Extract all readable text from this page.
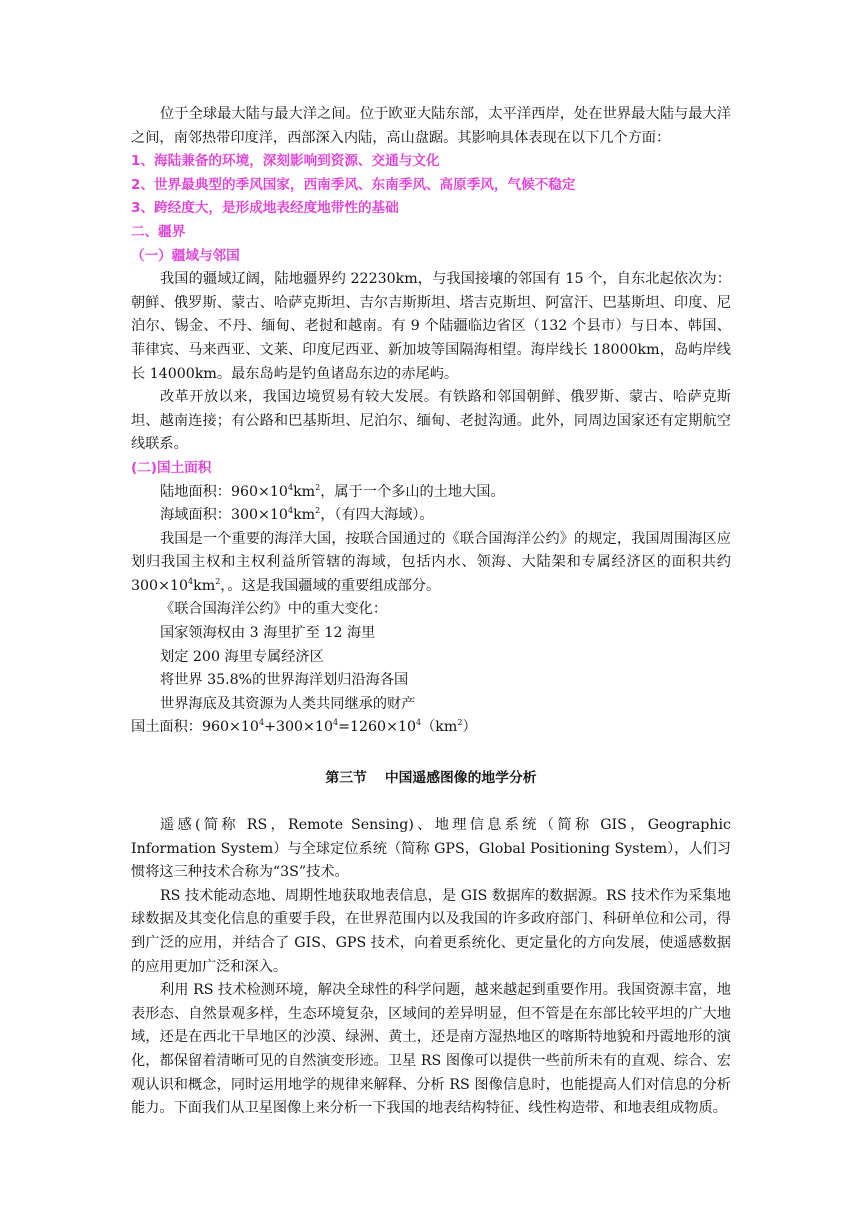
位于全球最大陆与最大洋之间。位于欧亚大陆东部，太平洋西岸，处在世界最大陆与最大洋之间，南邻热带印度洋，西部深入内陆，高山盘踞。其影响具体表现在以下几个方面：

1、海陆兼备的环境，深刻影响到资源、交通与文化

2、世界最典型的季风国家，西南季风、东南季风、高原季风，气候不稳定

3、跨经度大，是形成地表经度地带性的基础

二、疆界

（一）疆域与邻国

我国的疆域辽阔，陆地疆界约 22230km，与我国接壤的邻国有 15 个，自东北起依次为：朝鲜、俄罗斯、蒙古、哈萨克斯坦、吉尔吉斯斯坦、塔吉克斯坦、阿富汗、巴基斯坦、印度、尼泊尔、锡金、不丹、缅甸、老挝和越南。有 9 个陆疆临边省区（132 个县市）与日本、韩国、菲律宾、马来西亚、文莱、印度尼西亚、新加坡等国隔海相望。海岸线长 18000km，岛屿岸线长 14000km。最东岛屿是钓鱼诸岛东边的赤尾屿。

改革开放以来，我国边境贸易有较大发展。有铁路和邻国朝鲜、俄罗斯、蒙古、哈萨克斯坦、越南连接；有公路和巴基斯坦、尼泊尔、缅甸、老挝沟通。此外，同周边国家还有定期航空线联系。

(二)国土面积

陆地面积：$960\times 10^4km^2$，属于一个多山的土地大国。

海域面积：$300\times 10^4km^2$，（有四大海域）。

我国是一个重要的海洋大国，按联合国通过的《联合国海洋公约》的规定，我国周围海区应划归我国主权和主权利益所管辖的海域，包括内水、领海、大陆架和专属经济区的面积共约 $300\times 10^4km^2$，。这是我国疆域的重要组成部分。

《联合国海洋公约》中的重大变化：

国家领海权由 3 海里扩至 12 海里

划定 200 海里专属经济区

将世界 35.8%的世界海洋划归沿海各国

世界海底及其资源为人类共同继承的财产

国土面积：$960\times 10^4+300\times 10^4=1260\times 10^4(km^2)$

第三节 中国遥感图像的地学分析

遥感(简称 RS，Remote Sensing)、地理信息系统（简称 GIS，Geographic Information System）与全球定位系统（简称 GPS，Global Positioning System），人们习惯将这三种技术合称为“3S”技术。

RS 技术能动态地、周期性地获取地表信息，是 GIS 数据库的数据源。RS 技术作为采集地球数据及其变化信息的重要手段，在世界范围内以及我国的许多政府部门、科研单位和公司，得到广泛的应用，并结合了 GIS、GPS 技术，向着更系统化、更定量化的方向发展，使遥感数据的应用更加广泛和深入。

利用 RS 技术检测环境，解决全球性的科学问题，越来越起到重要作用。我国资源丰富，地表形态、自然景观多样，生态环境复杂，区域间的差异明显，但不管是在东部比较平坦的广大地域，还是在西北干旱地区的沙漠、绿洲、黄土，还是南方湿热地区的喀斯特地貌和丹霞地形的演化，都保留着清晰可见的自然演变形迹。卫星 RS 图像可以提供一些前所未有的直观、综合、宏观认识和概念，同时运用地学的规律来解释、分析 RS 图像信息时，也能提高人们对信息的分析能力。下面我们从卫星图像上来分析一下我国的地表结构特征、线性构造带、和地表组成物质。
